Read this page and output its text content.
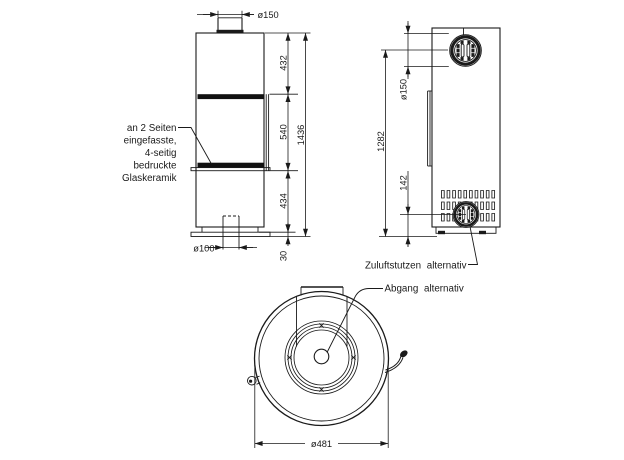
ø150
432
540
434
30
1436
ø100
an 2 Seiten
eingefasste,
4-seitig
bedruckte
Glaskeramik
ø150
1282
142
Zuluftstutzen alternativ
Abgang alternativ
ø481
